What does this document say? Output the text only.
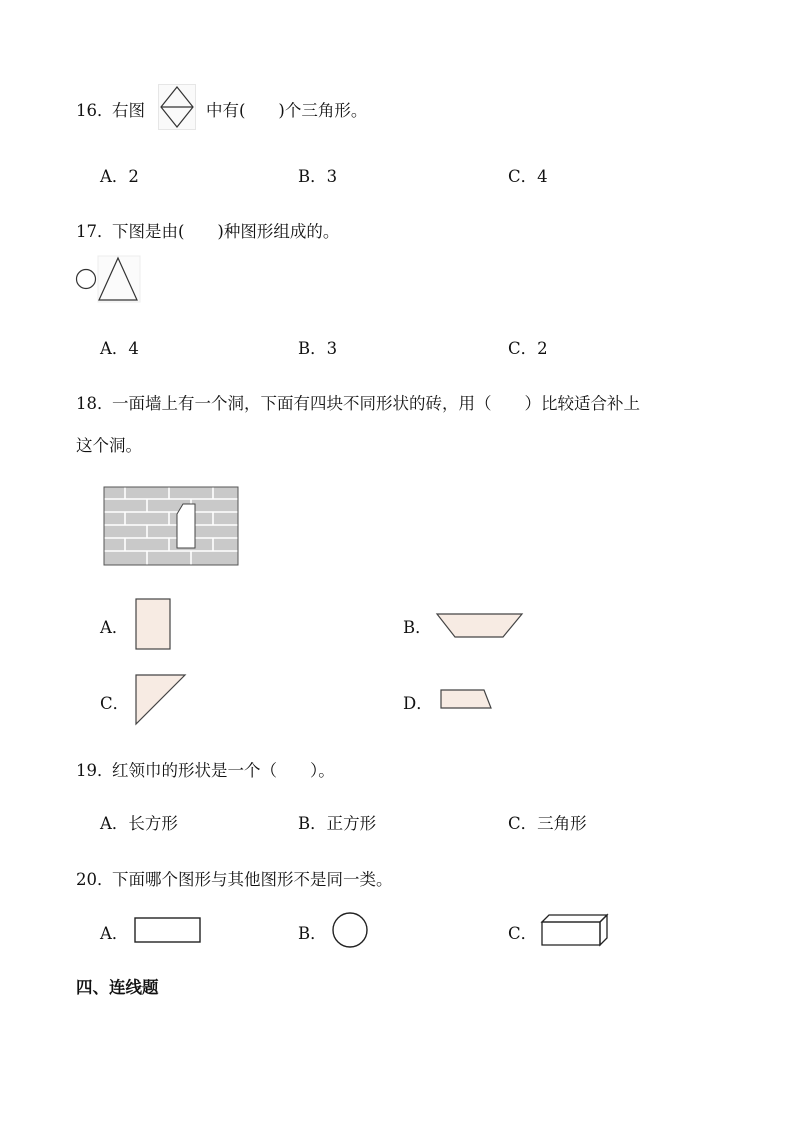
16．
右图	中有(　　)个三角形。
A．2	B．3	C．4
17．
下图是由(　　)种图形组成的。
A．4	B．3	C．2
18．
一面墙上有一个洞，下面有四块不同形状的砖，用（　　）比较适合补上
这个洞。
A．	B．
C．	D．
19．
红领巾的形状是一个（　　）。
A．长方形	B．正方形	C．三角形
20．
下面哪个图形与其他图形不是同一类。
A．	B．	C．
四、连线题
